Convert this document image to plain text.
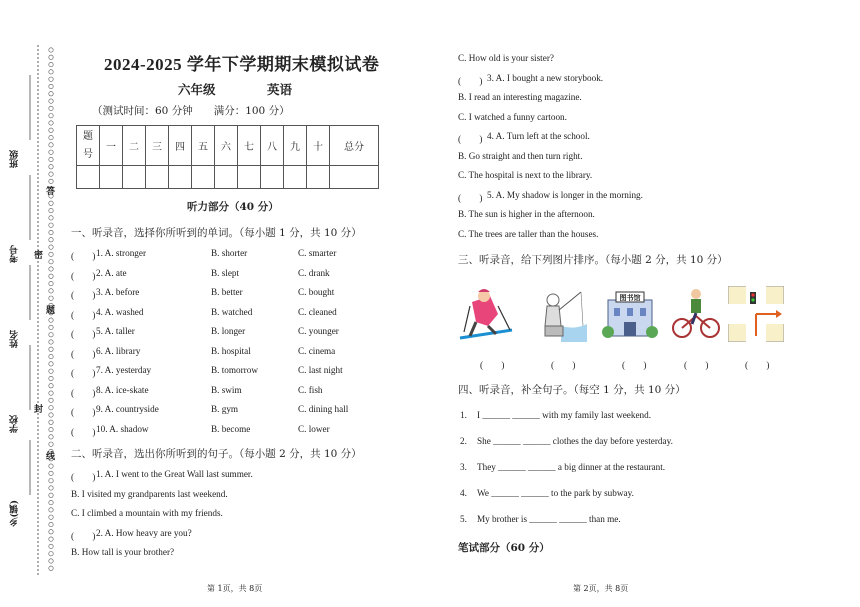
班级
考号
姓名
学校
乡(镇)
答
密
题
封
线
2024-2025 学年下学期期末模拟试卷
六年级	英语
（测试时间：60 分钟　　满分：100 分）
题
号	一	二	三	四	五	六	七	八	九	十	总分

听力部分（40 分）
一、听录音，选择你所听到的单词。（每小题 1 分，共 10 分）
(　　) 1. A. stronger	B. shorter	C. smarter
(　　) 2. A. ate	B. slept	C. drank
(　　) 3. A. before	B. better	C. bought
(　　) 4. A. washed	B. watched	C. cleaned
(　　) 5. A. taller	B. longer	C. younger
(　　) 6. A. library	B. hospital	C. cinema
(　　) 7. A. yesterday	B. tomorrow	C. last night
(　　) 8. A. ice-skate	B. swim	C. fish
(　　) 9. A. countryside	B. gym	C. dining hall
(　　) 10. A. shadow	B. become	C. lower
二、听录音，选出你所听到的句子。（每小题 2 分，共 10 分）
(　　) 1. A. I went to the Great Wall last summer.
B. I visited my grandparents last weekend.
C. I climbed a mountain with my friends.
(　　) 2. A. How heavy are you?
B. How tall is your brother?
C. How old is your sister?
(　　) 3. A. I bought a new storybook.
B. I read an interesting magazine.
C. I watched a funny cartoon.
(　　) 4. A. Turn left at the school.
B. Go straight and then turn right.
C. The hospital is next to the library.
(　　) 5. A. My shadow is longer in the morning.
B. The sun is higher in the afternoon.
C. The trees are taller than the houses.
三、听录音，给下列图片排序。（每小题 2 分，共 10 分）
图书馆
(　　)	(　　)	(　　)	(　　)	(　　)
四、听录音，补全句子。（每空 1 分，共 10 分）
1. I ______ ______ with my family last weekend.
2. She ______ ______ clothes the day before yesterday.
3. They ______ ______ a big dinner at the restaurant.
4. We ______ ______ to the park by subway.
5. My brother is ______ ______ than me.
笔试部分（60 分）
第 1页，共 8页	第 2页，共 8页
